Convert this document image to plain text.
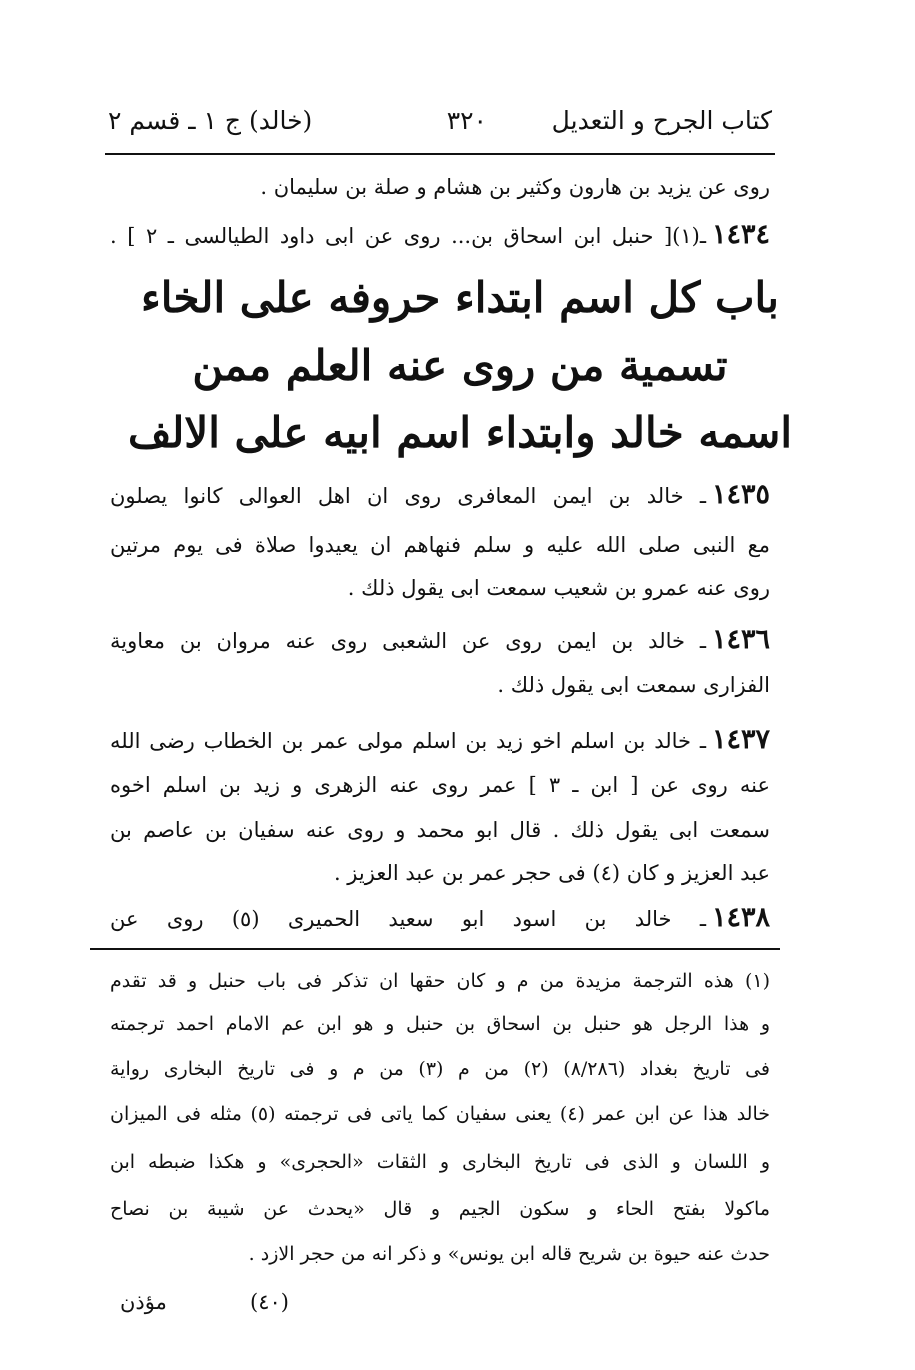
كتاب الجرح و التعديل
٣٢٠
(خالد) ج ١ ـ قسم ٢
روى عن يزيد بن هارون وكثير بن هشام و صلة بن سليمان .
١٤٣٤ـ(١)[ حنبل ابن اسحاق بن... روى عن ابى داود الطيالسى ـ ٢ ] .
باب كل اسم ابتداء حروفه على الخاء
تسمية من روى عنه العلم ممن
اسمه خالد وابتداء اسم ابيه على الالف
١٤٣٥ـ خالد بن ايمن المعافرى روى ان اهل العوالى كانوا يصلون
مع النبى صلى الله عليه و سلم فنهاهم ان يعيدوا صلاة فى يوم مرتين
روى عنه عمرو بن شعيب سمعت ابى يقول ذلك .
١٤٣٦ـ خالد بن ايمن روى عن الشعبى روى عنه مروان بن معاوية
الفزارى سمعت ابى يقول ذلك .
١٤٣٧ـ خالد بن اسلم اخو زيد بن اسلم مولى عمر بن الخطاب رضى الله
عنه روى عن [ ابن ـ ٣ ] عمر روى عنه الزهرى و زيد بن اسلم اخوه
سمعت ابى يقول ذلك . قال ابو محمد و روى عنه سفيان بن عاصم بن
عبد العزيز و كان (٤) فى حجر عمر بن عبد العزيز .
١٤٣٨ـ خالد بن اسود ابو سعيد الحميرى (٥) روى عن
(١) هذه الترجمة مزيدة من م و كان حقها ان تذكر فى باب حنبل و قد تقدم
و هذا الرجل هو حنبل بن اسحاق بن حنبل و هو ابن عم الامام احمد ترجمته
فى تاريخ بغداد (٨/٢٨٦) (٢) من م (٣) من م و فى تاريخ البخارى رواية
خالد هذا عن ابن عمر (٤) يعنى سفيان كما ياتى فى ترجمته (٥) مثله فى الميزان
و اللسان و الذى فى تاريخ البخارى و الثقات «الحجرى» و هكذا ضبطه ابن
ماكولا بفتح الحاء و سكون الجيم و قال «يحدث عن شيبة بن نصاح
حدث عنه حيوة بن شريح قاله ابن يونس» و ذكر انه من حجر الازد .
(٤٠)
مؤذن
